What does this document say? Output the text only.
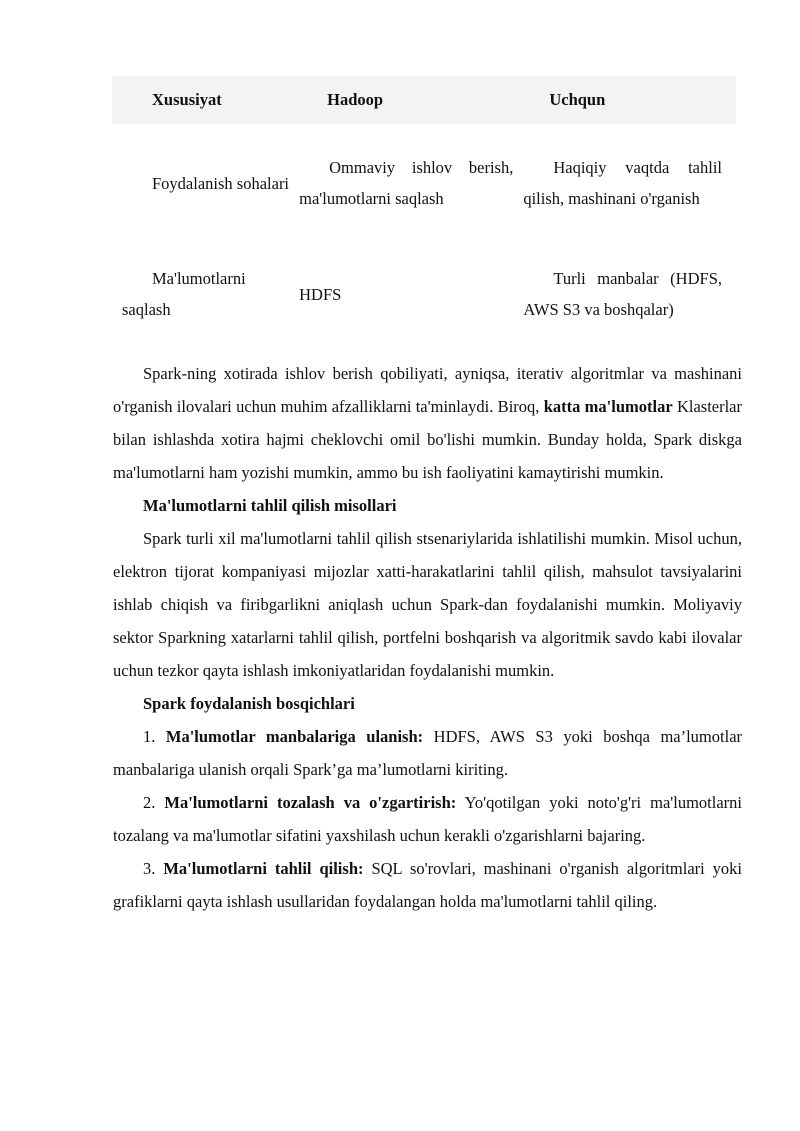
Xususiyat	Hadoop	Uchqun
Foydalanish sohalari	Ommaviy ishlov berish, ma'lumotlarni saqlash	Haqiqiy vaqtda tahlil qilish, mashinani o'rganish
Ma'lumotlarni saqlash	HDFS	Turli manbalar (HDFS, AWS S3 va boshqalar)

Spark-ning xotirada ishlov berish qobiliyati, ayniqsa, iterativ algoritmlar va mashinani o'rganish ilovalari uchun muhim afzalliklarni ta'minlaydi. Biroq, katta ma'lumotlar Klasterlar bilan ishlashda xotira hajmi cheklovchi omil bo'lishi mumkin. Bunday holda, Spark diskga ma'lumotlarni ham yozishi mumkin, ammo bu ish faoliyatini kamaytirishi mumkin.

Ma'lumotlarni tahlil qilish misollari

Spark turli xil ma'lumotlarni tahlil qilish stsenariylarida ishlatilishi mumkin. Misol uchun, elektron tijorat kompaniyasi mijozlar xatti-harakatlarini tahlil qilish, mahsulot tavsiyalarini ishlab chiqish va firibgarlikni aniqlash uchun Spark-dan foydalanishi mumkin. Moliyaviy sektor Sparkning xatarlarni tahlil qilish, portfelni boshqarish va algoritmik savdo kabi ilovalar uchun tezkor qayta ishlash imkoniyatlaridan foydalanishi mumkin.

Spark foydalanish bosqichlari

1. Ma'lumotlar manbalariga ulanish: HDFS, AWS S3 yoki boshqa ma’lumotlar manbalariga ulanish orqali Spark’ga ma’lumotlarni kiriting.

2. Ma'lumotlarni tozalash va o'zgartirish: Yo'qotilgan yoki noto'g'ri ma'lumotlarni tozalang va ma'lumotlar sifatini yaxshilash uchun kerakli o'zgarishlarni bajaring.

3. Ma'lumotlarni tahlil qilish: SQL so'rovlari, mashinani o'rganish algoritmlari yoki grafiklarni qayta ishlash usullaridan foydalangan holda ma'lumotlarni tahlil qiling.
